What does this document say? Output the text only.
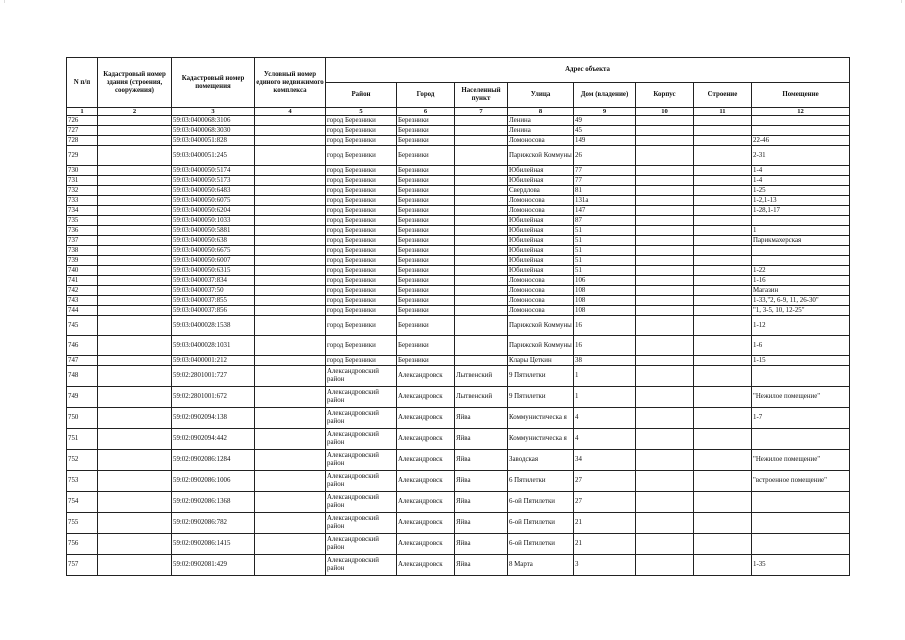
N п/п	Кадастровый номер здания (строения, сооружения)	Кадастровый номер помещения	Условный номер единого недвижимого комплекса	Адрес объекта							
				Район	Город	Населенный пункт	Улица	Дом (владение)	Корпус	Строение	Помещение
1	2	3	4	5	6	7	8	9	10	11	12
726		59:03:0400068:3106		город Березники	Березники		Ленина	49			
727		59:03:0400068:3030		город Березники	Березники		Ленина	45			
728		59:03:0400051:828		город Березники	Березники		Ломоносова	149			22-46
729		59:03:0400051:245		город Березники	Березники		Парижской Коммуны	26			2-31
730		59:03:0400050:5174		город Березники	Березники		Юбилейная	77			1-4
731		59:03:0400050:5173		город Березники	Березники		Юбилейная	77			1-4
732		59:03:0400050:6483		город Березники	Березники		Свердлова	81			1-25
733		59:03:0400050:6075		город Березники	Березники		Ломоносова	131а			1-2,1-13
734		59:03:0400050:6204		город Березники	Березники		Ломоносова	147			1-28,1-17
735		59:03:0400050:1033		город Березники	Березники		Юбилейная	87			
736		59:03:0400050:5881		город Березники	Березники		Юбилейная	51			1
737		59:03:0400050:638		город Березники	Березники		Юбилейная	51			Парикмахерская
738		59:03:0400050:6675		город Березники	Березники		Юбилейная	51			
739		59:03:0400050:6007		город Березники	Березники		Юбилейная	51			
740		59:03:0400050:6315		город Березники	Березники		Юбилейная	51			1-22
741		59:03:0400037:834		город Березники	Березники		Ломоносова	106			1-16
742		59:03:0400037:50		город Березники	Березники		Ломоносова	108			Магазин
743		59:03:0400037:855		город Березники	Березники		Ломоносова	108			1-33,"2, 6-9, 11, 26-30"
744		59:03:0400037:856		город Березники	Березники		Ломоносова	108			"1, 3-5, 10, 12-25"
745		59:03:0400028:1538		город Березники	Березники		Парижской Коммуны	16			1-12
746		59:03:0400028:1031		город Березники	Березники		Парижской Коммуны	16			1-6
747		59:03:0400001:212		город Березники	Березники		Клары Цеткин	38			1-15
748		59:02:2801001:727		Александровский район	Александровск	Лытвенский	9 Пятилетки	1			
749		59:02:2801001:672		Александровский район	Александровск	Лытвенский	9 Пятилетки	1			"Нежилое помещение"
750		59:02:0902094:138		Александровский район	Александровск	Яйва	Коммунистическа я	4			1-7
751		59:02:0902094:442		Александровский район	Александровск	Яйва	Коммунистическа я	4			
752		59:02:0902086:1284		Александровский район	Александровск	Яйва	Заводская	34			"Нежилое помещение"
753		59:02:0902086:1006		Александровский район	Александровск	Яйва	6 Пятилетки	27			"встроенное помещение"
754		59:02:0902086:1368		Александровский район	Александровск	Яйва	6-ой Пятилетки	27			
755		59:02:0902086:782		Александровский район	Александровск	Яйва	6-ой Пятилетки	21			
756		59:02:0902086:1415		Александровский район	Александровск	Яйва	6-ой Пятилетки	21			
757		59:02:0902081:429		Александровский район	Александровск	Яйва	8 Марта	3			1-35
